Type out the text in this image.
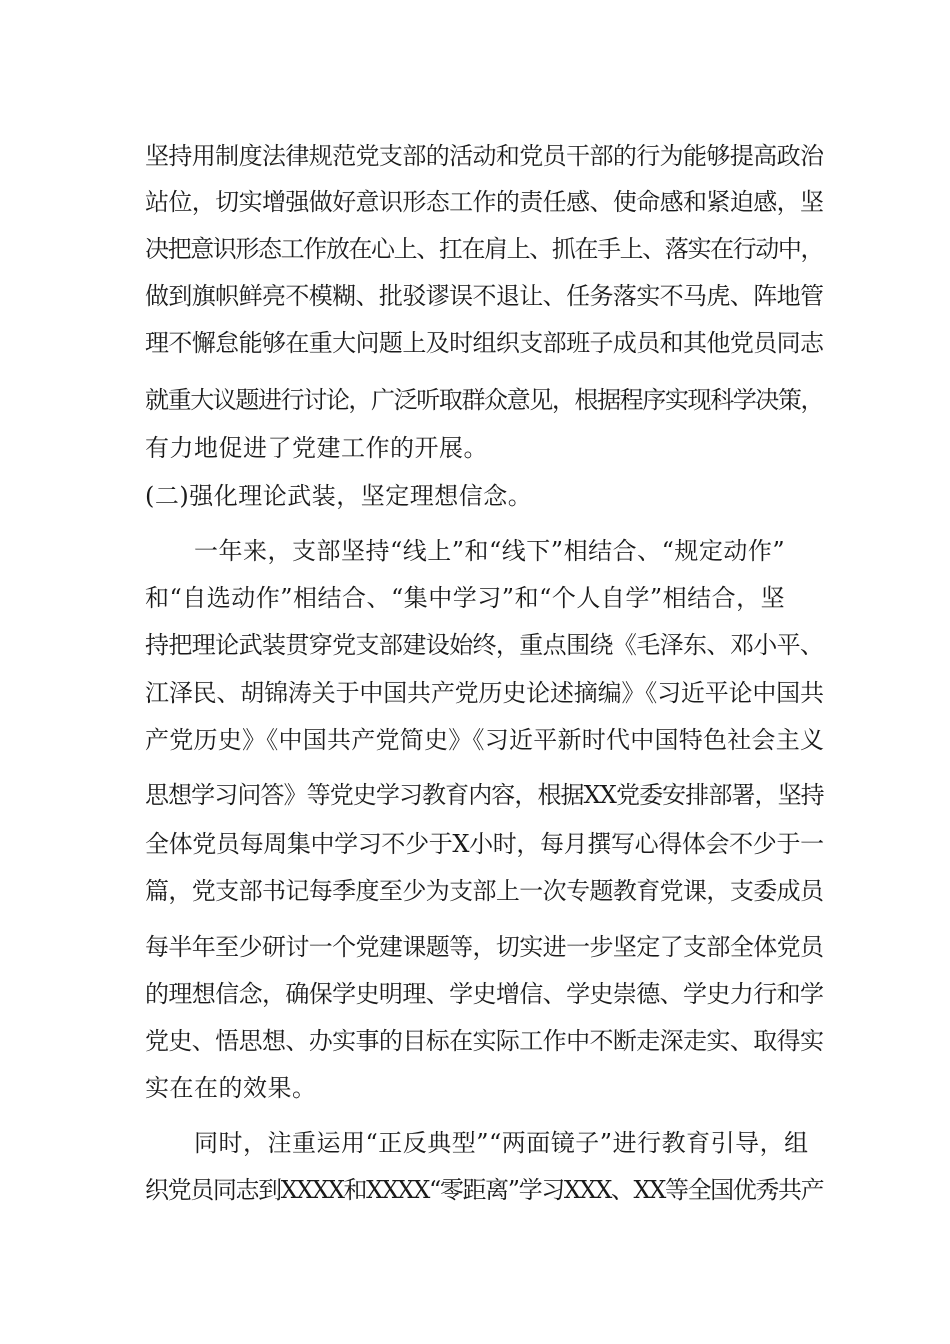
坚持用制度法律规范党支部的活动和党员干部的行为能够提高政治
站位，切实增强做好意识形态工作的责任感、使命感和紧迫感，坚
决把意识形态工作放在心上、扛在肩上、抓在手上、落实在行动中，
做到旗帜鲜亮不模糊、批驳谬误不退让、任务落实不马虎、阵地管
理不懈怠能够在重大问题上及时组织支部班子成员和其他党员同志
就重大议题进行讨论，广泛听取群众意见，根据程序实现科学决策，
有力地促进了党建工作的开展。
(二)强化理论武装，坚定理想信念。
一年来，支部坚持“线上”和“线下”相结合、“规定动作”
和“自选动作”相结合、“集中学习”和“个人自学”相结合，坚
持把理论武装贯穿党支部建设始终，重点围绕《毛泽东、邓小平、
江泽民、胡锦涛关于中国共产党历史论述摘编》《习近平论中国共
产党历史》《中国共产党简史》《习近平新时代中国特色社会主义
思想学习问答》等党史学习教育内容，根据XX党委安排部署，坚持
全体党员每周集中学习不少于X小时，每月撰写心得体会不少于一
篇，党支部书记每季度至少为支部上一次专题教育党课，支委成员
每半年至少研讨一个党建课题等，切实进一步坚定了支部全体党员
的理想信念，确保学史明理、学史增信、学史崇德、学史力行和学
党史、悟思想、办实事的目标在实际工作中不断走深走实、取得实
实在在的效果。
同时，注重运用“正反典型”“两面镜子”进行教育引导，组
织党员同志到XXXX和XXXX“零距离”学习XXX、XX等全国优秀共产
